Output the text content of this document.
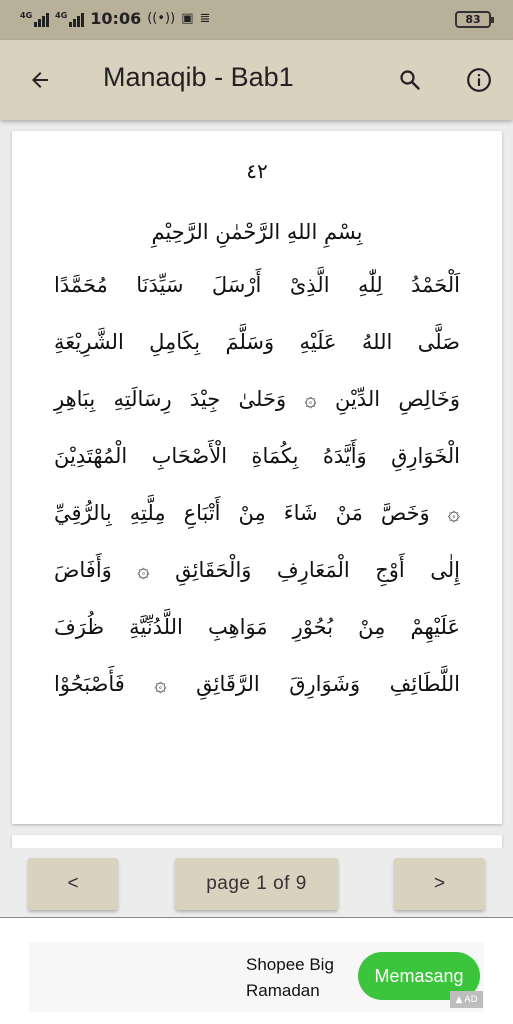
4G	4G 10:06 ((•)) ▣ ≣	83
Manaqib - Bab1
٤٢
بِسْمِ اللهِ الرَّحْمٰنِ الرَّحِيْمِ
اَلْحَمْدُ لِلّٰهِ الَّذِىْ أَرْسَلَ سَيِّدَنَا مُحَمَّدًا
صَلَّى اللهُ عَلَيْهِ وَسَلَّمَ بِكَامِلِ الشَّرِيْعَةِ
وَخَالِصِ الدِّيْنِ ۞ وَحَلىٰ جِيْدَ رِسَالَتِهِ بِبَاهِرِ
الْخَوَارِقِ وَأَيَّدَهُ بِكُمَاةِ الْأَصْحَابِ الْمُهْتَدِيْنَ
۞ وَخَصَّ مَنْ شَاءَ مِنْ أَتْبَاعِ مِلَّتِهِ بِالرُّقِيِّ
إِلٰى أَوْجِ الْمَعَارِفِ وَالْحَقَائِقِ ۞ وَأَفَاضَ
عَلَيْهِمْ مِنْ بُحُوْرِ مَوَاهِبِ اللَّدُنِّيَّةِ ظُرَفَ
اللَّطَائِفِ وَشَوَارِقَ الرَّقَائِقِ ۞ فَأَصْبَحُوْا
<	page 1 of 9	>
Shopee Big Ramadan
Memasang
▲ AD
